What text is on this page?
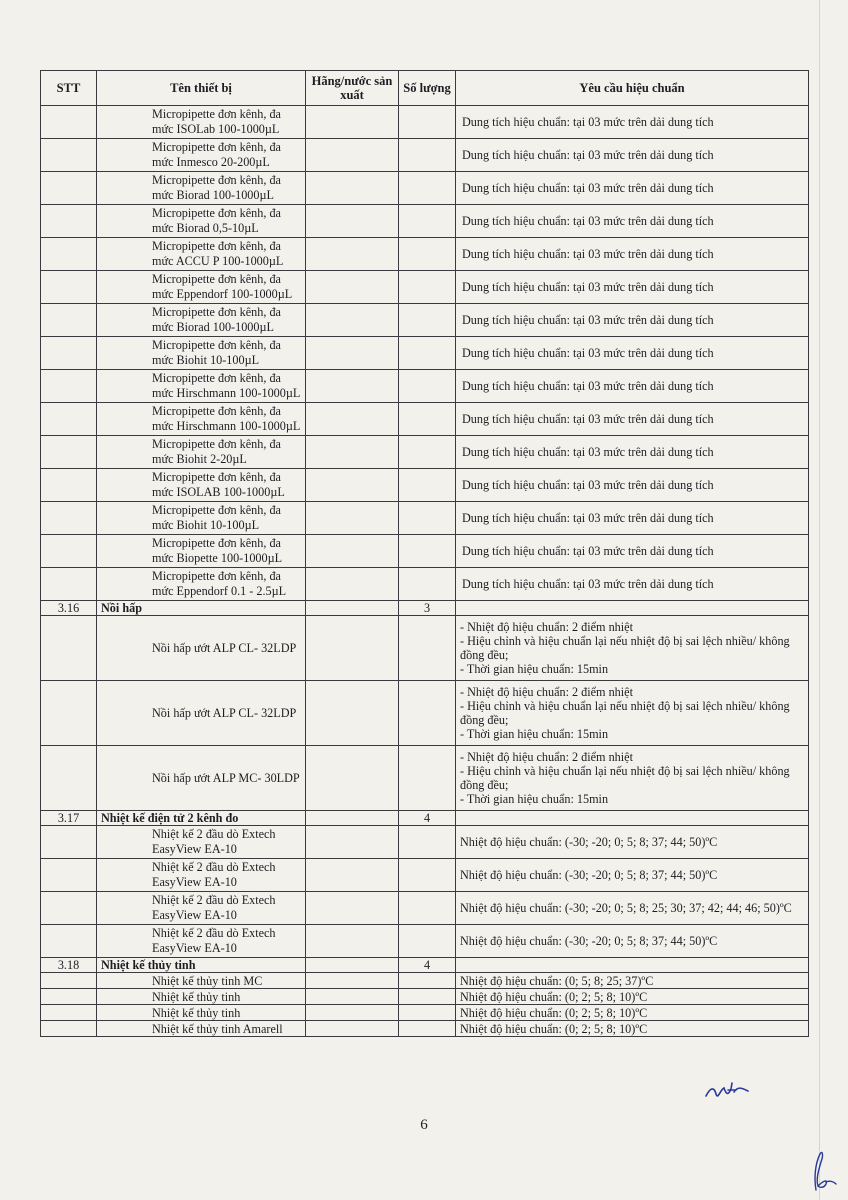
STT	Tên thiết bị	Hãng/nước sản xuất	Số lượng	Yêu cầu hiệu chuẩn
	Micropipette đơn kênh, đa mức ISOLab 100-1000µL			Dung tích hiệu chuẩn: tại 03 mức trên dải dung tích
	Micropipette đơn kênh, đa mức Inmesco 20-200µL			Dung tích hiệu chuẩn: tại 03 mức trên dải dung tích
	Micropipette đơn kênh, đa mức Biorad 100-1000µL			Dung tích hiệu chuẩn: tại 03 mức trên dải dung tích
	Micropipette đơn kênh, đa mức Biorad 0,5-10µL			Dung tích hiệu chuẩn: tại 03 mức trên dải dung tích
	Micropipette đơn kênh, đa mức ACCU P 100-1000µL			Dung tích hiệu chuẩn: tại 03 mức trên dải dung tích
	Micropipette đơn kênh, đa mức Eppendorf 100-1000µL			Dung tích hiệu chuẩn: tại 03 mức trên dải dung tích
	Micropipette đơn kênh, đa mức Biorad 100-1000µL			Dung tích hiệu chuẩn: tại 03 mức trên dải dung tích
	Micropipette đơn kênh, đa mức Biohit 10-100µL			Dung tích hiệu chuẩn: tại 03 mức trên dải dung tích
	Micropipette đơn kênh, đa mức Hirschmann 100-1000µL			Dung tích hiệu chuẩn: tại 03 mức trên dải dung tích
	Micropipette đơn kênh, đa mức Hirschmann 100-1000µL			Dung tích hiệu chuẩn: tại 03 mức trên dải dung tích
	Micropipette đơn kênh, đa mức Biohit 2-20µL			Dung tích hiệu chuẩn: tại 03 mức trên dải dung tích
	Micropipette đơn kênh, đa mức ISOLAB 100-1000µL			Dung tích hiệu chuẩn: tại 03 mức trên dải dung tích
	Micropipette đơn kênh, đa mức Biohit 10-100µL			Dung tích hiệu chuẩn: tại 03 mức trên dải dung tích
	Micropipette đơn kênh, đa mức Biopette 100-1000µL			Dung tích hiệu chuẩn: tại 03 mức trên dải dung tích
	Micropipette đơn kênh, đa mức Eppendorf 0.1 - 2.5µL			Dung tích hiệu chuẩn: tại 03 mức trên dải dung tích
3.16	Nồi hấp		3	
	Nồi hấp ướt ALP CL- 32LDP			- Nhiệt độ hiệu chuẩn: 2 điểm nhiệt
- Hiệu chỉnh và hiệu chuẩn lại nếu nhiệt độ bị sai lệch nhiều/ không đồng đều;
- Thời gian hiệu chuẩn: 15min

	Nồi hấp ướt ALP CL- 32LDP			- Nhiệt độ hiệu chuẩn: 2 điểm nhiệt
- Hiệu chỉnh và hiệu chuẩn lại nếu nhiệt độ bị sai lệch nhiều/ không đồng đều;
- Thời gian hiệu chuẩn: 15min

	Nồi hấp ướt ALP MC- 30LDP			- Nhiệt độ hiệu chuẩn: 2 điểm nhiệt
- Hiệu chỉnh và hiệu chuẩn lại nếu nhiệt độ bị sai lệch nhiều/ không đồng đều;
- Thời gian hiệu chuẩn: 15min

3.17	Nhiệt kế điện tử 2 kênh đo		4	
	Nhiệt kế 2 đầu dò Extech EasyView EA-10			Nhiệt độ hiệu chuẩn: (-30; -20; 0; 5; 8; 37; 44; 50)ºC
	Nhiệt kế 2 đầu dò Extech EasyView EA-10			Nhiệt độ hiệu chuẩn: (-30; -20; 0; 5; 8; 37; 44; 50)ºC
	Nhiệt kế 2 đầu dò Extech EasyView EA-10			Nhiệt độ hiệu chuẩn: (-30; -20; 0; 5; 8; 25; 30; 37; 42; 44; 46; 50)ºC
	Nhiệt kế 2 đầu dò Extech EasyView EA-10			Nhiệt độ hiệu chuẩn: (-30; -20; 0; 5; 8; 37; 44; 50)ºC
3.18	Nhiệt kế thủy tinh		4	
	Nhiệt kế thủy tinh MC			Nhiệt độ hiệu chuẩn: (0; 5; 8; 25; 37)ºC
	Nhiệt kế thủy tinh			Nhiệt độ hiệu chuẩn: (0; 2; 5; 8; 10)ºC
	Nhiệt kế thủy tinh			Nhiệt độ hiệu chuẩn: (0; 2; 5; 8; 10)ºC
	Nhiệt kế thủy tinh Amarell			Nhiệt độ hiệu chuẩn: (0; 2; 5; 8; 10)ºC
6
